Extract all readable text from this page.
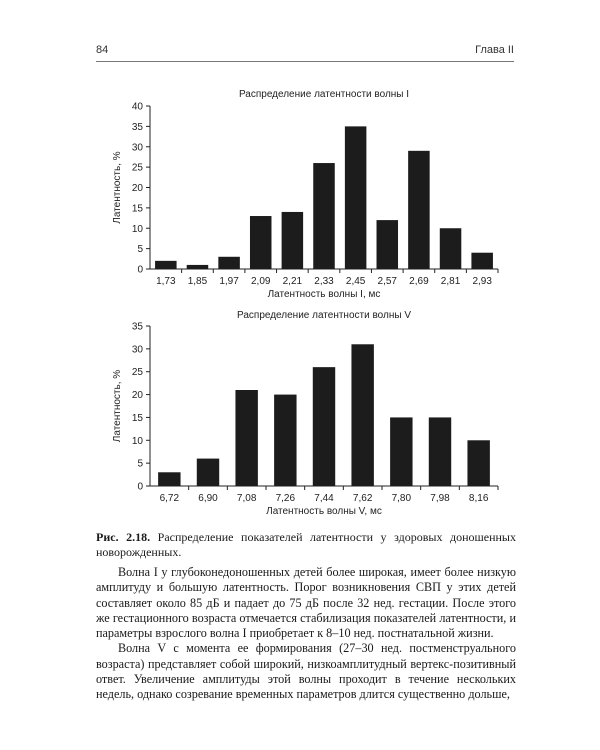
84	Глава II
Распределение латентности волны I
0
5
10
15
20
25
30
35
40
1,73 1,85 1,97 2,09 2,21 2,33 2,45 2,57 2,69 2,81 2,93
Латентность волны I, мс
Латентность, %
Распределение латентности волны V
0
5
10
15
20
25
30
35
6,72 6,90 7,08 7,26 7,44 7,62 7,80 7,98 8,16
Латентность волны V, мс
Латентность, %
Рис. 2.18. Распределение показателей латентности у здоровых доношенных новорожденных.

Волна I у глубоконедоношенных детей более широкая, имеет более низкую амплитуду и большую латентность. Порог возникновения СВП у этих детей составляет около 85 дБ и падает до 75 дБ после 32 нед. гестации. После этого же гестационного возраста отмечается стабилизация показателей латентности, и параметры взрослого волна I приобретает к 8–10 нед. постнатальной жизни.

Волна V с момента ее формирования (27–30 нед. постменструального возраста) представляет собой широкий, низкоамплитудный вертекс-позитивный ответ. Увеличение амплитуды этой волны проходит в течение нескольких недель, однако созревание временных параметров длится существенно дольше,
